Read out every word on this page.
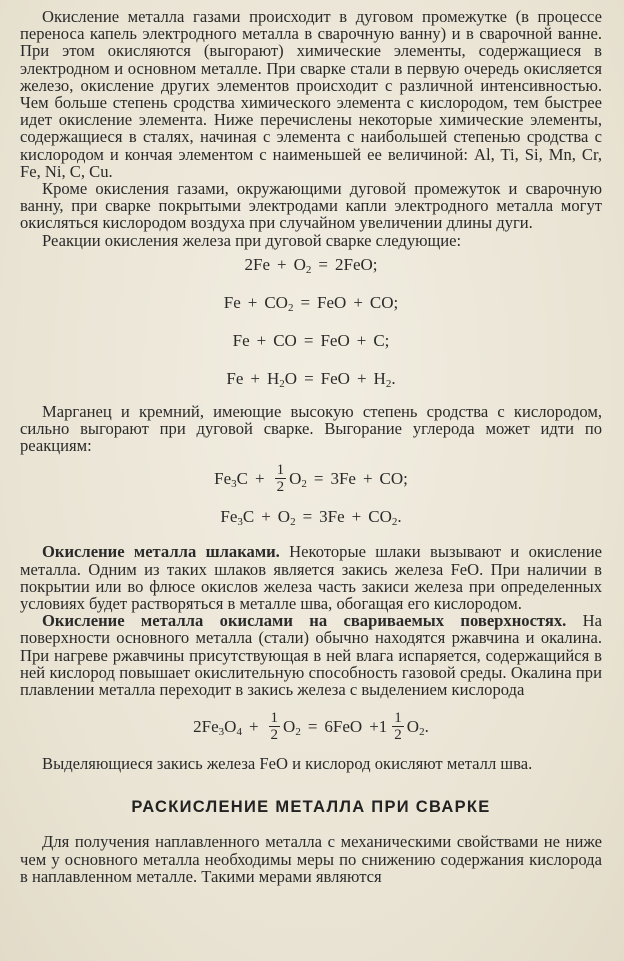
Окисление металла газами происходит в дуговом промежутке (в процессе переноса капель электродного металла в сварочную ванну) и в сварочной ванне. При этом окисляются (выгорают) химические элементы, содержащиеся в электродном и основном металле. При сварке стали в первую очередь окисляется железо, окисление других элементов происходит с различной интенсивностью. Чем больше степень сродства химического элемента с кислородом, тем быстрее идет окисление элемента. Ниже перечислены некоторые химические элементы, содержащиеся в сталях, начиная с элемента с наибольшей степенью сродства с кислородом и кончая элементом с наименьшей ее величиной: Al, Ti, Si, Mn, Cr, Fe, Ni, C, Cu.

Кроме окисления газами, окружающими дуговой промежуток и сварочную ванну, при сварке покрытыми электродами капли электродного металла могут окисляться кислородом воздуха при случайном увеличении длины дуги.

Реакции окисления железа при дуговой сварке следующие:

$2Fe + O_2 = 2FeO$;
$Fe + CO_2$ = FeO + CO;
Fe + CO = FeO + C;
$Fe + H_2O$ = FeO + $H_2$.

Марганец и кремний, имеющие высокую степень сродства с кислородом, сильно выгорают при дуговой сварке. Выгорание углерода может идти по реакциям:

$Fe_3C + \frac{1}{2} O_2 = 3Fe$ + CO;
$Fe_3C + O_2 = 3Fe + CO_2$.

Окисление металла шлаками. Некоторые шлаки вызывают и окисление металла. Одним из таких шлаков является закись железа FeO. При наличии в покрытии или во флюсе окислов железа часть закиси железа при определенных условиях будет растворяться в металле шва, обогащая его кислородом.

Окисление металла окислами на свариваемых поверхностях. На поверхности основного металла (стали) обычно находятся ржавчина и окалина. При нагреве ржавчины присутствующая в ней влага испаряется, содержащийся в ней кислород повышает окислительную способность газовой среды. Окалина при плавлении металла переходит в закись железа с выделением кислорода

$2Fe_3O_4 + \frac{1}{2} O_2 = 6FeO +1 \frac{1}{2} O_2$.

Выделяющиеся закись железа FeO и кислород окисляют металл шва.

РАСКИСЛЕНИЕ МЕТАЛЛА ПРИ СВАРКЕ

Для получения наплавленного металла с механическими свойствами не ниже чем у основного металла необходимы меры по снижению содержания кислорода в наплавленном металле. Такими мерами являются
